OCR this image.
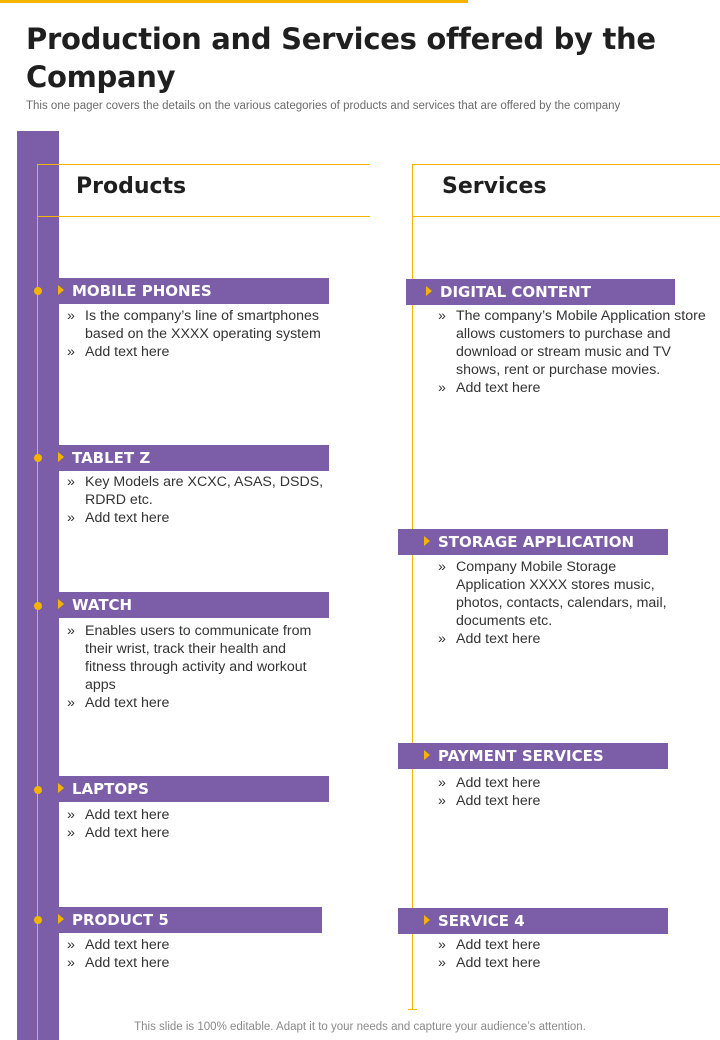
Production and Services offered by the Company

This one pager covers the details on the various categories of products and services that are offered by the company

Products	Services
MOBILE PHONES
» Is the company’s line of smartphones based on the XXXX operating system
» Add text here
TABLET Z
» Key Models are XCXC, ASAS, DSDS, RDRD etc.
» Add text here
WATCH
» Enables users to communicate from their wrist, track their health and fitness through activity and workout apps
» Add text here
LAPTOPS
» Add text here
» Add text here
PRODUCT 5
» Add text here
» Add text here
DIGITAL CONTENT
» The company’s Mobile Application store allows customers to purchase and download or stream music and TV shows, rent or purchase movies.
» Add text here
STORAGE APPLICATION
» Company Mobile Storage Application XXXX stores music, photos, contacts, calendars, mail, documents etc.
» Add text here
PAYMENT SERVICES
» Add text here
» Add text here
SERVICE 4
» Add text here
» Add text here

This slide is 100% editable. Adapt it to your needs and capture your audience’s attention.
